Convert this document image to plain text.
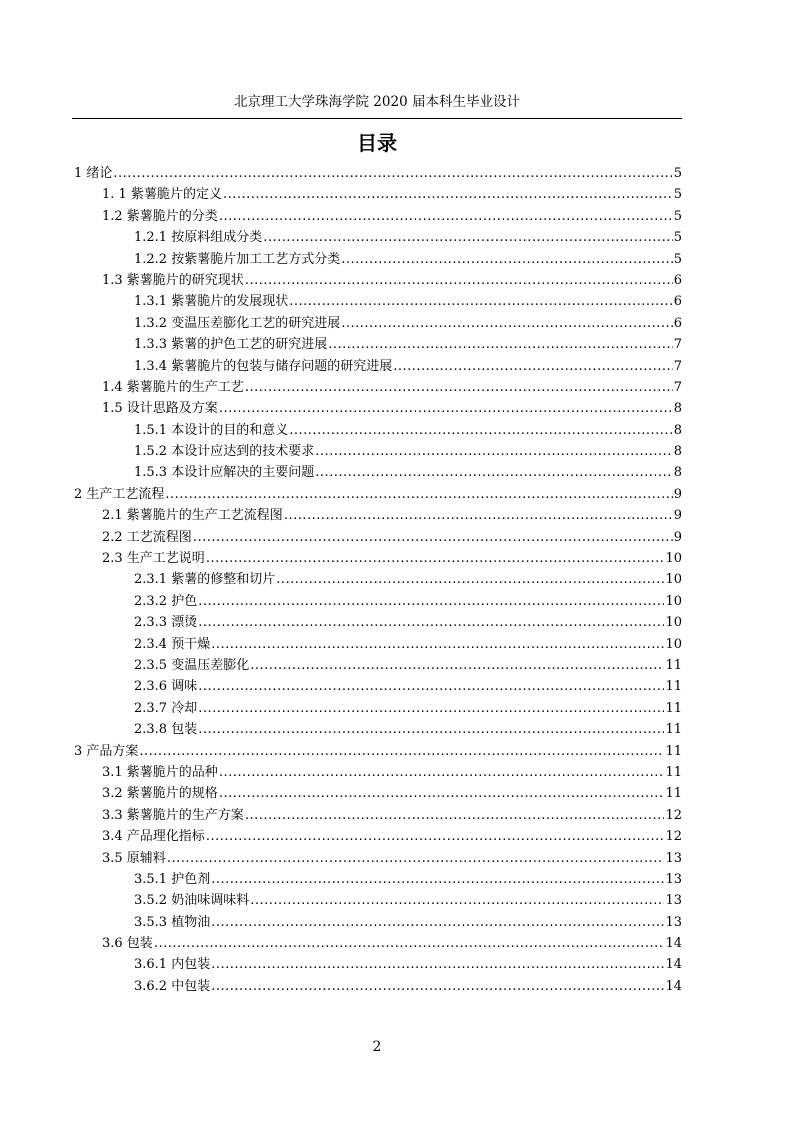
北京理工大学珠海学院 2020 届本科生毕业设计
目录
1 绪论 .....	5
1. 1 紫薯脆片的定义 .....	5
1.2 紫薯脆片的分类 .....	5
1.2.1 按原料组成分类 .....	5
1.2.2 按紫薯脆片加工工艺方式分类 .....	5
1.3 紫薯脆片的研究现状 .....	6
1.3.1 紫薯脆片的发展现状 .....	6
1.3.2 变温压差膨化工艺的研究进展 .....	6
1.3.3 紫薯的护色工艺的研究进展 .....	7
1.3.4 紫薯脆片的包装与储存问题的研究进展 .....	7
1.4 紫薯脆片的生产工艺 .....	7
1.5 设计思路及方案 .....	8
1.5.1 本设计的目的和意义 .....	8
1.5.2 本设计应达到的技术要求 .....	8
1.5.3 本设计应解决的主要问题 .....	8
2 生产工艺流程 .....	9
2.1 紫薯脆片的生产工艺流程图 .....	9
2.2 工艺流程图 .....	9
2.3 生产工艺说明 .....	10
2.3.1 紫薯的修整和切片 .....	10
2.3.2 护色 .....	10
2.3.3 漂烫 .....	10
2.3.4 预干燥 .....	10
2.3.5 变温压差膨化 .....	11
2.3.6 调味 .....	11
2.3.7 冷却 .....	11
2.3.8 包装 .....	11
3 产品方案 .....	11
3.1 紫薯脆片的品种 .....	11
3.2 紫薯脆片的规格 .....	11
3.3 紫薯脆片的生产方案 .....	12
3.4 产品理化指标 .....	12
3.5 原辅料 .....	13
3.5.1 护色剂 .....	13
3.5.2 奶油味调味料 .....	13
3.5.3 植物油 .....	13
3.6 包装 .....	14
3.6.1 内包装 .....	14
3.6.2 中包装 .....	14
2
